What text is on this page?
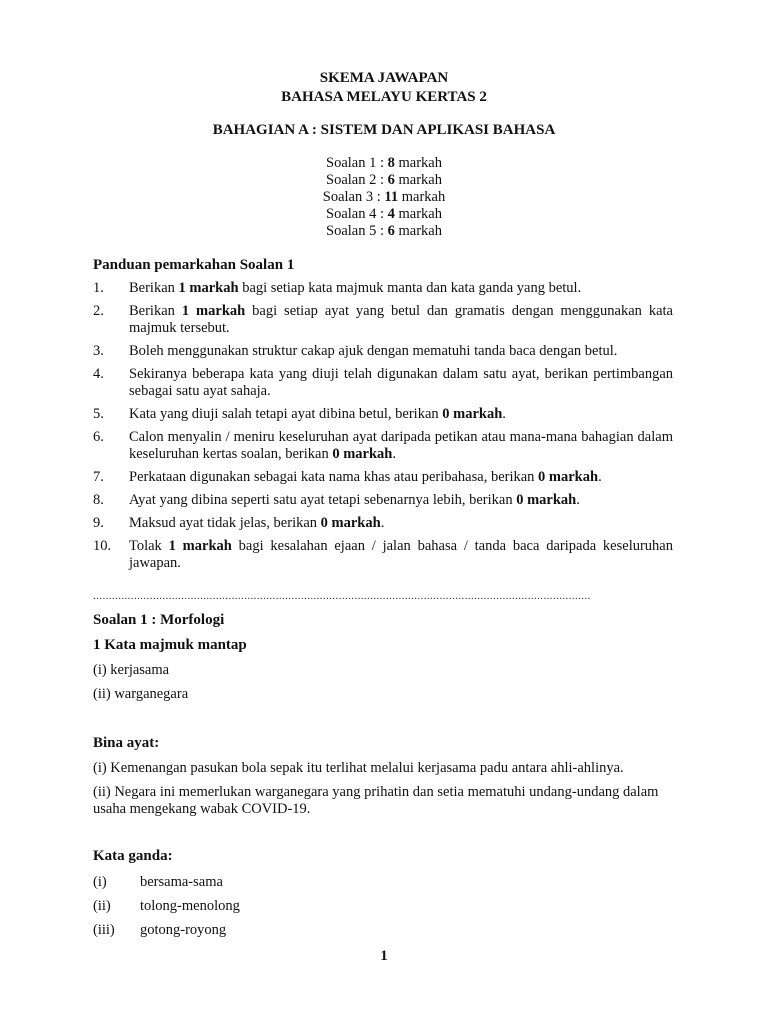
SKEMA JAWAPAN
BAHASA MELAYU KERTAS 2
BAHAGIAN A : SISTEM DAN APLIKASI BAHASA
Soalan 1 : 8 markah
Soalan 2 : 6 markah
Soalan 3 : 11 markah
Soalan 4 : 4 markah
Soalan 5 : 6 markah
Panduan pemarkahan Soalan 1
1. Berikan 1 markah bagi setiap kata majmuk manta dan kata ganda yang betul.
2. Berikan 1 markah bagi setiap ayat yang betul dan gramatis dengan menggunakan kata majmuk tersebut.
3. Boleh menggunakan struktur cakap ajuk dengan mematuhi tanda baca dengan betul.
4. Sekiranya beberapa kata yang diuji telah digunakan dalam satu ayat, berikan pertimbangan sebagai satu ayat sahaja.
5. Kata yang diuji salah tetapi ayat dibina betul, berikan 0 markah.
6. Calon menyalin / meniru keseluruhan ayat daripada petikan atau mana-mana bahagian dalam keseluruhan kertas soalan, berikan 0 markah.
7. Perkataan digunakan sebagai kata nama khas atau peribahasa, berikan 0 markah.
8. Ayat yang dibina seperti satu ayat tetapi sebenarnya lebih, berikan 0 markah.
9. Maksud ayat tidak jelas, berikan 0 markah.
10. Tolak 1 markah bagi kesalahan ejaan / jalan bahasa / tanda baca daripada keseluruhan jawapan.
..............................................................................................................................................................
Soalan 1 : Morfologi
1 Kata majmuk mantap
(i) kerjasama
(ii) warganegara
Bina ayat:
(i) Kemenangan pasukan bola sepak itu terlihat melalui kerjasama padu antara ahli-ahlinya.
(ii) Negara ini memerlukan warganegara yang prihatin dan setia mematuhi undang-undang dalam usaha mengekang wabak COVID-19.
Kata ganda:
(i) bersama-sama
(ii) tolong-menolong
(iii) gotong-royong
1
